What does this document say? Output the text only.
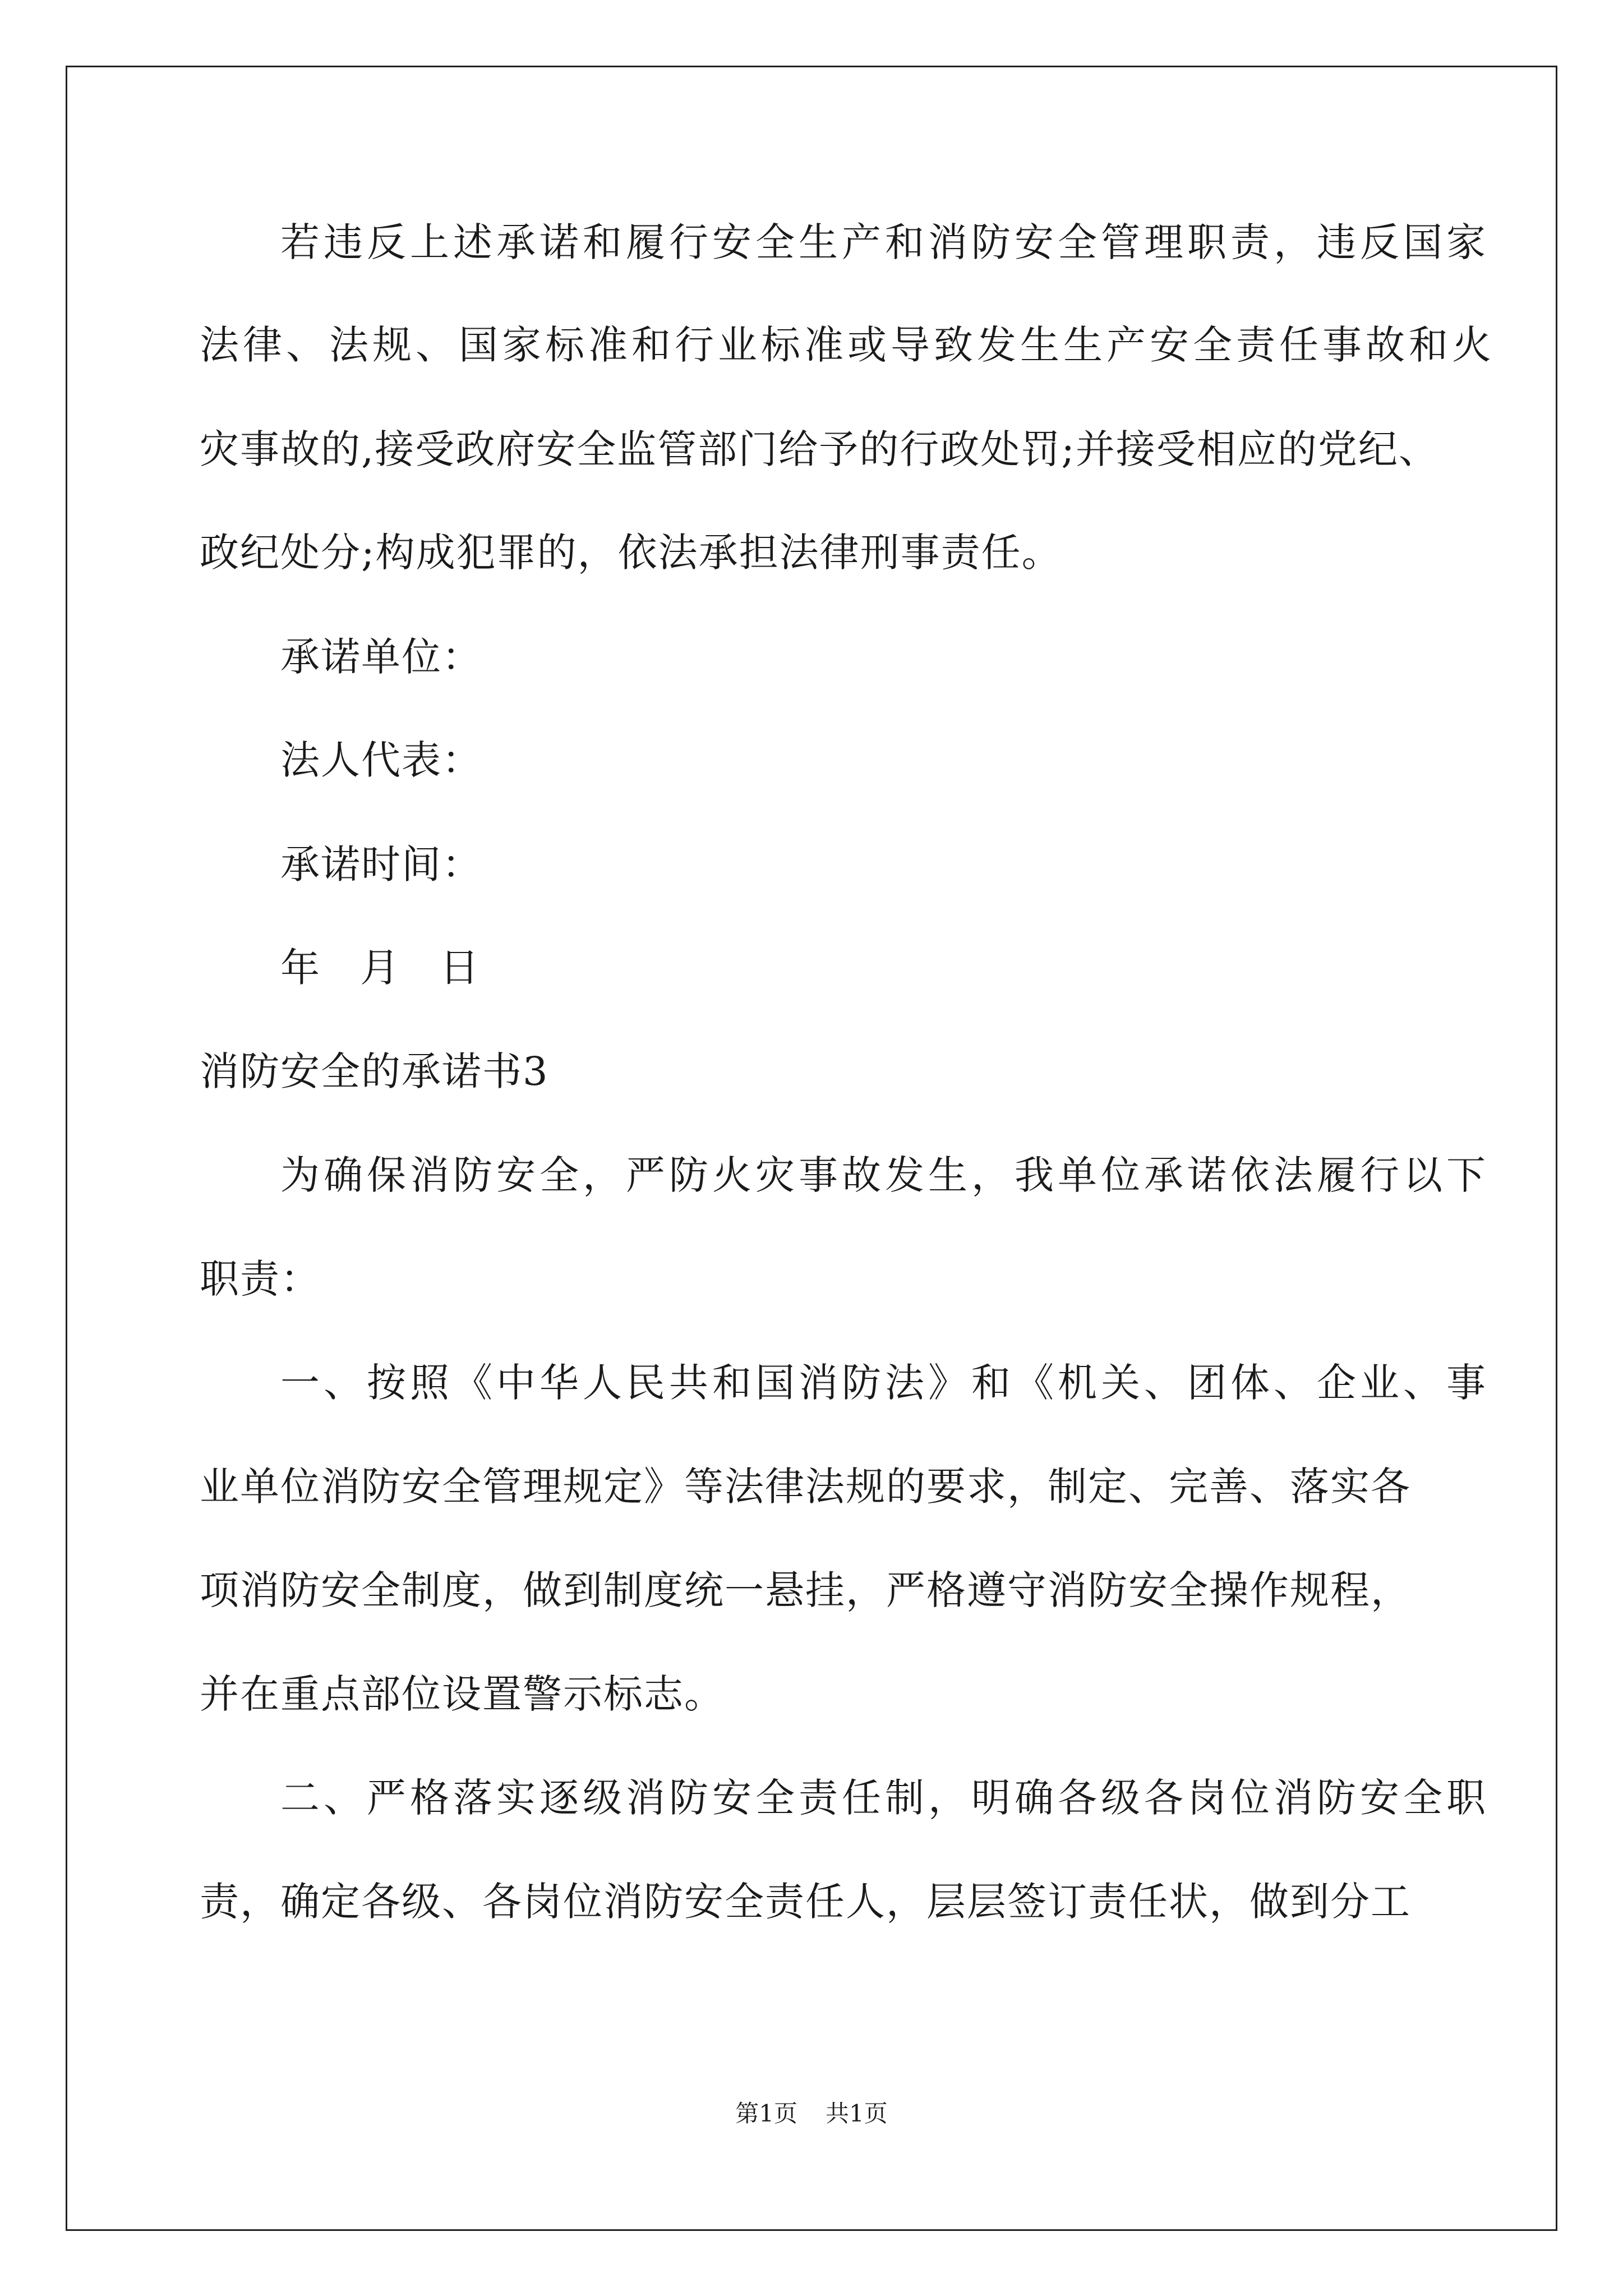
若违反上述承诺和履行安全生产和消防安全管理职责，违反国家
法律、法规、国家标准和行业标准或导致发生生产安全责任事故和火
灾事故的,接受政府安全监管部门给予的行政处罚;并接受相应的党纪、
政纪处分;构成犯罪的，依法承担法律刑事责任。
承诺单位：
法人代表：
承诺时间：
年 月 日
消防安全的承诺书3
为确保消防安全，严防火灾事故发生，我单位承诺依法履行以下
职责：
一、按照《中华人民共和国消防法》和《机关、团体、企业、事
业单位消防安全管理规定》等法律法规的要求，制定、完善、落实各
项消防安全制度，做到制度统一悬挂，严格遵守消防安全操作规程，
并在重点部位设置警示标志。
二、严格落实逐级消防安全责任制，明确各级各岗位消防安全职
责，确定各级、各岗位消防安全责任人，层层签订责任状，做到分工
第1页 共1页
